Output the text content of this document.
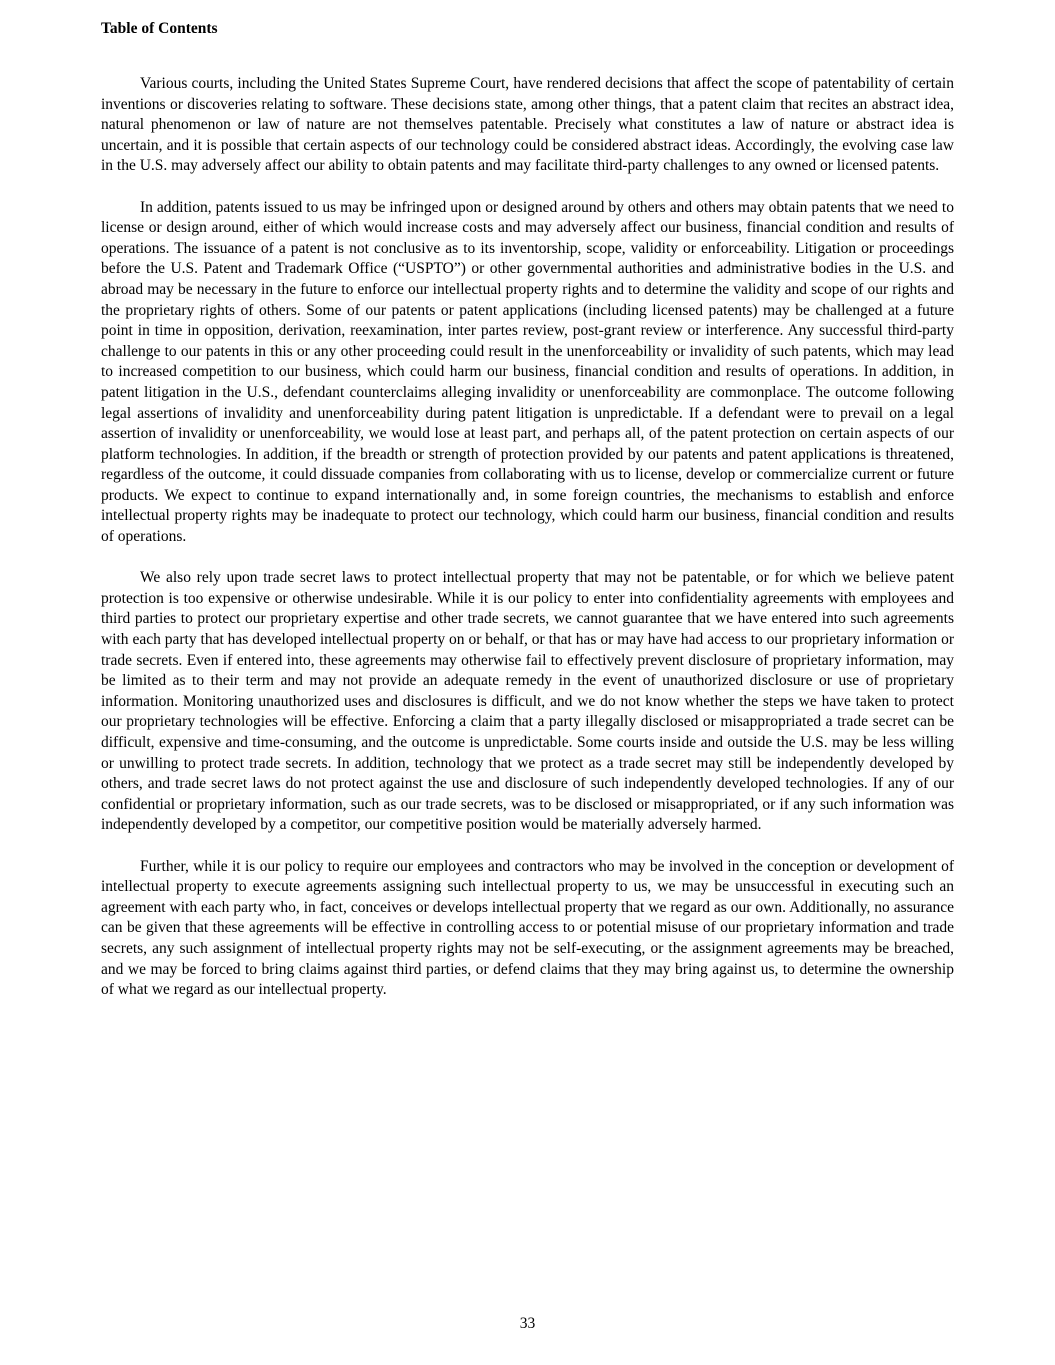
Table of Contents

Various courts, including the United States Supreme Court, have rendered decisions that affect the scope of patentability of certain inventions or discoveries relating to software. These decisions state, among other things, that a patent claim that recites an abstract idea, natural phenomenon or law of nature are not themselves patentable. Precisely what constitutes a law of nature or abstract idea is uncertain, and it is possible that certain aspects of our technology could be considered abstract ideas. Accordingly, the evolving case law in the U.S. may adversely affect our ability to obtain patents and may facilitate third-party challenges to any owned or licensed patents.

In addition, patents issued to us may be infringed upon or designed around by others and others may obtain patents that we need to license or design around, either of which would increase costs and may adversely affect our business, financial condition and results of operations. The issuance of a patent is not conclusive as to its inventorship, scope, validity or enforceability. Litigation or proceedings before the U.S. Patent and Trademark Office (“USPTO”) or other governmental authorities and administrative bodies in the U.S. and abroad may be necessary in the future to enforce our intellectual property rights and to determine the validity and scope of our rights and the proprietary rights of others. Some of our patents or patent applications (including licensed patents) may be challenged at a future point in time in opposition, derivation, reexamination, inter partes review, post-grant review or interference. Any successful third-party challenge to our patents in this or any other proceeding could result in the unenforceability or invalidity of such patents, which may lead to increased competition to our business, which could harm our business, financial condition and results of operations. In addition, in patent litigation in the U.S., defendant counterclaims alleging invalidity or unenforceability are commonplace. The outcome following legal assertions of invalidity and unenforceability during patent litigation is unpredictable. If a defendant were to prevail on a legal assertion of invalidity or unenforceability, we would lose at least part, and perhaps all, of the patent protection on certain aspects of our platform technologies. In addition, if the breadth or strength of protection provided by our patents and patent applications is threatened, regardless of the outcome, it could dissuade companies from collaborating with us to license, develop or commercialize current or future products. We expect to continue to expand internationally and, in some foreign countries, the mechanisms to establish and enforce intellectual property rights may be inadequate to protect our technology, which could harm our business, financial condition and results of operations.

We also rely upon trade secret laws to protect intellectual property that may not be patentable, or for which we believe patent protection is too expensive or otherwise undesirable. While it is our policy to enter into confidentiality agreements with employees and third parties to protect our proprietary expertise and other trade secrets, we cannot guarantee that we have entered into such agreements with each party that has developed intellectual property on or behalf, or that has or may have had access to our proprietary information or trade secrets. Even if entered into, these agreements may otherwise fail to effectively prevent disclosure of proprietary information, may be limited as to their term and may not provide an adequate remedy in the event of unauthorized disclosure or use of proprietary information. Monitoring unauthorized uses and disclosures is difficult, and we do not know whether the steps we have taken to protect our proprietary technologies will be effective. Enforcing a claim that a party illegally disclosed or misappropriated a trade secret can be difficult, expensive and time-consuming, and the outcome is unpredictable. Some courts inside and outside the U.S. may be less willing or unwilling to protect trade secrets. In addition, technology that we protect as a trade secret may still be independently developed by others, and trade secret laws do not protect against the use and disclosure of such independently developed technologies. If any of our confidential or proprietary information, such as our trade secrets, was to be disclosed or misappropriated, or if any such information was independently developed by a competitor, our competitive position would be materially adversely harmed.

Further, while it is our policy to require our employees and contractors who may be involved in the conception or development of intellectual property to execute agreements assigning such intellectual property to us, we may be unsuccessful in executing such an agreement with each party who, in fact, conceives or develops intellectual property that we regard as our own. Additionally, no assurance can be given that these agreements will be effective in controlling access to or potential misuse of our proprietary information and trade secrets, any such assignment of intellectual property rights may not be self-executing, or the assignment agreements may be breached, and we may be forced to bring claims against third parties, or defend claims that they may bring against us, to determine the ownership of what we regard as our intellectual property.

33
